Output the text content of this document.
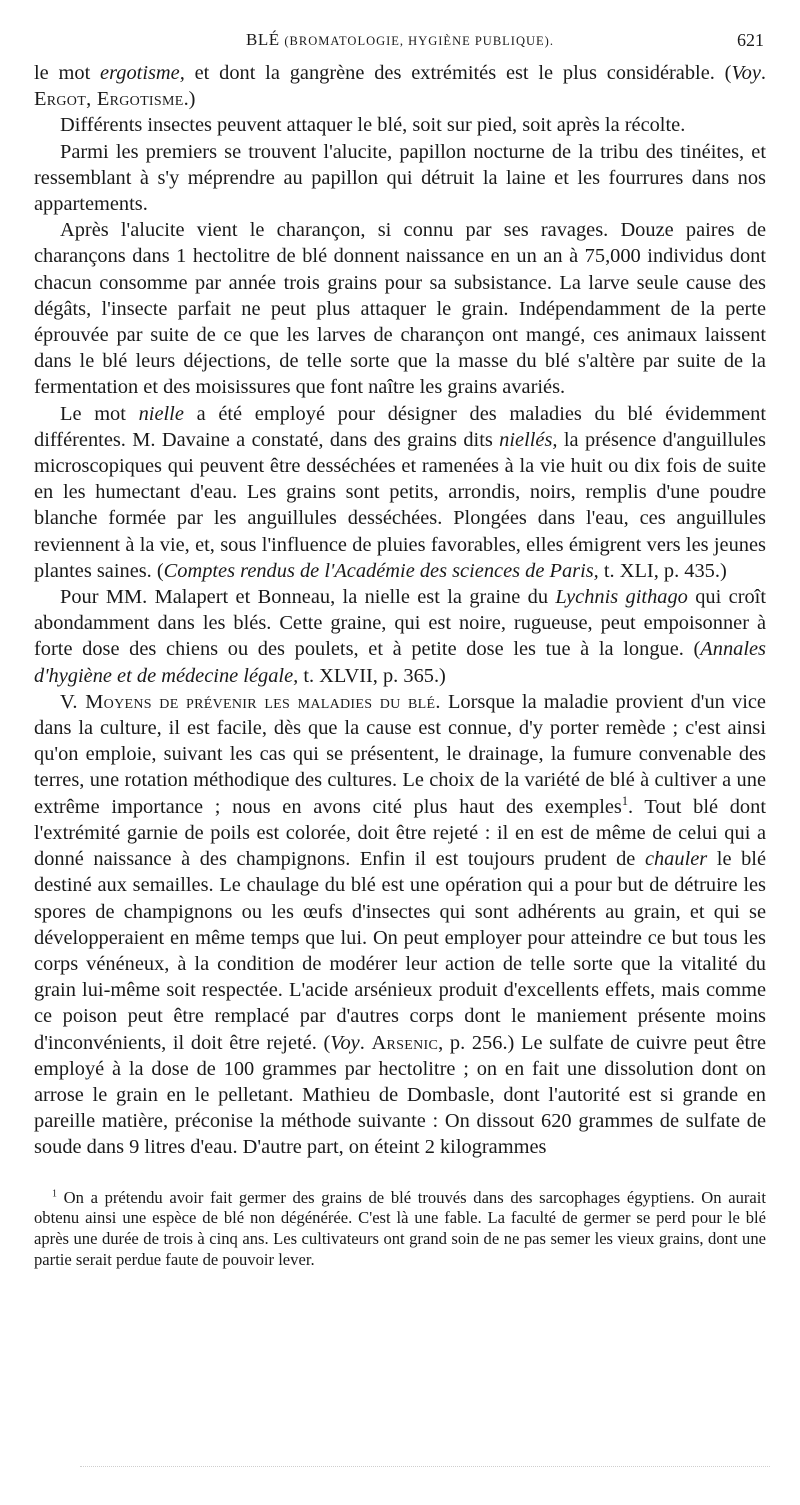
BLÉ (BROMATOLOGIE, HYGIÈNE PUBLIQUE).	621

le mot ergotisme, et dont la gangrène des extrémités est le plus considérable. (Voy. Ergot, Ergotisme.)

Différents insectes peuvent attaquer le blé, soit sur pied, soit après la récolte.

Parmi les premiers se trouvent l'alucite, papillon nocturne de la tribu des tinéites, et ressemblant à s'y méprendre au papillon qui détruit la laine et les fourrures dans nos appartements.

Après l'alucite vient le charançon, si connu par ses ravages. Douze paires de charançons dans 1 hectolitre de blé donnent naissance en un an à 75,000 individus dont chacun consomme par année trois grains pour sa subsistance. La larve seule cause des dégâts, l'insecte parfait ne peut plus attaquer le grain. Indépendamment de la perte éprouvée par suite de ce que les larves de charançon ont mangé, ces animaux laissent dans le blé leurs déjections, de telle sorte que la masse du blé s'altère par suite de la fermentation et des moisissures que font naître les grains avariés.

Le mot nielle a été employé pour désigner des maladies du blé évidemment différentes. M. Davaine a constaté, dans des grains dits niellés, la présence d'anguillules microscopiques qui peuvent être desséchées et ramenées à la vie huit ou dix fois de suite en les humectant d'eau. Les grains sont petits, arrondis, noirs, remplis d'une poudre blanche formée par les anguillules desséchées. Plongées dans l'eau, ces anguillules reviennent à la vie, et, sous l'influence de pluies favorables, elles émigrent vers les jeunes plantes saines. (Comptes rendus de l'Académie des sciences de Paris, t. XLI, p. 435.)

Pour MM. Malapert et Bonneau, la nielle est la graine du Lychnis githago qui croît abondamment dans les blés. Cette graine, qui est noire, rugueuse, peut empoisonner à forte dose des chiens ou des poulets, et à petite dose les tue à la longue. (Annales d'hygiène et de médecine légale, t. XLVII, p. 365.)

V. Moyens de prévenir les maladies du blé. Lorsque la maladie provient d'un vice dans la culture, il est facile, dès que la cause est connue, d'y porter remède ; c'est ainsi qu'on emploie, suivant les cas qui se présentent, le drainage, la fumure convenable des terres, une rotation méthodique des cultures. Le choix de la variété de blé à cultiver a une extrême importance ; nous en avons cité plus haut des exemples$^1$. Tout blé dont l'extrémité garnie de poils est colorée, doit être rejeté : il en est de même de celui qui a donné naissance à des champignons. Enfin il est toujours prudent de chauler le blé destiné aux semailles. Le chaulage du blé est une opération qui a pour but de détruire les spores de champignons ou les œufs d'insectes qui sont adhérents au grain, et qui se développeraient en même temps que lui. On peut employer pour atteindre ce but tous les corps vénéneux, à la condition de modérer leur action de telle sorte que la vitalité du grain lui-même soit respectée. L'acide arsénieux produit d'excellents effets, mais comme ce poison peut être remplacé par d'autres corps dont le maniement présente moins d'inconvénients, il doit être rejeté. (Voy. Arsenic, p. 256.) Le sulfate de cuivre peut être employé à la dose de 100 grammes par hectolitre ; on en fait une dissolution dont on arrose le grain en le pelletant. Mathieu de Dombasle, dont l'autorité est si grande en pareille matière, préconise la méthode suivante : On dissout 620 grammes de sulfate de soude dans 9 litres d'eau. D'autre part, on éteint 2 kilogrammes

$^1$ On a prétendu avoir fait germer des grains de blé trouvés dans des sarcophages égyptiens. On aurait obtenu ainsi une espèce de blé non dégénérée. C'est là une fable. La faculté de germer se perd pour le blé après une durée de trois à cinq ans. Les cultivateurs ont grand soin de ne pas semer les vieux grains, dont une partie serait perdue faute de pouvoir lever.
